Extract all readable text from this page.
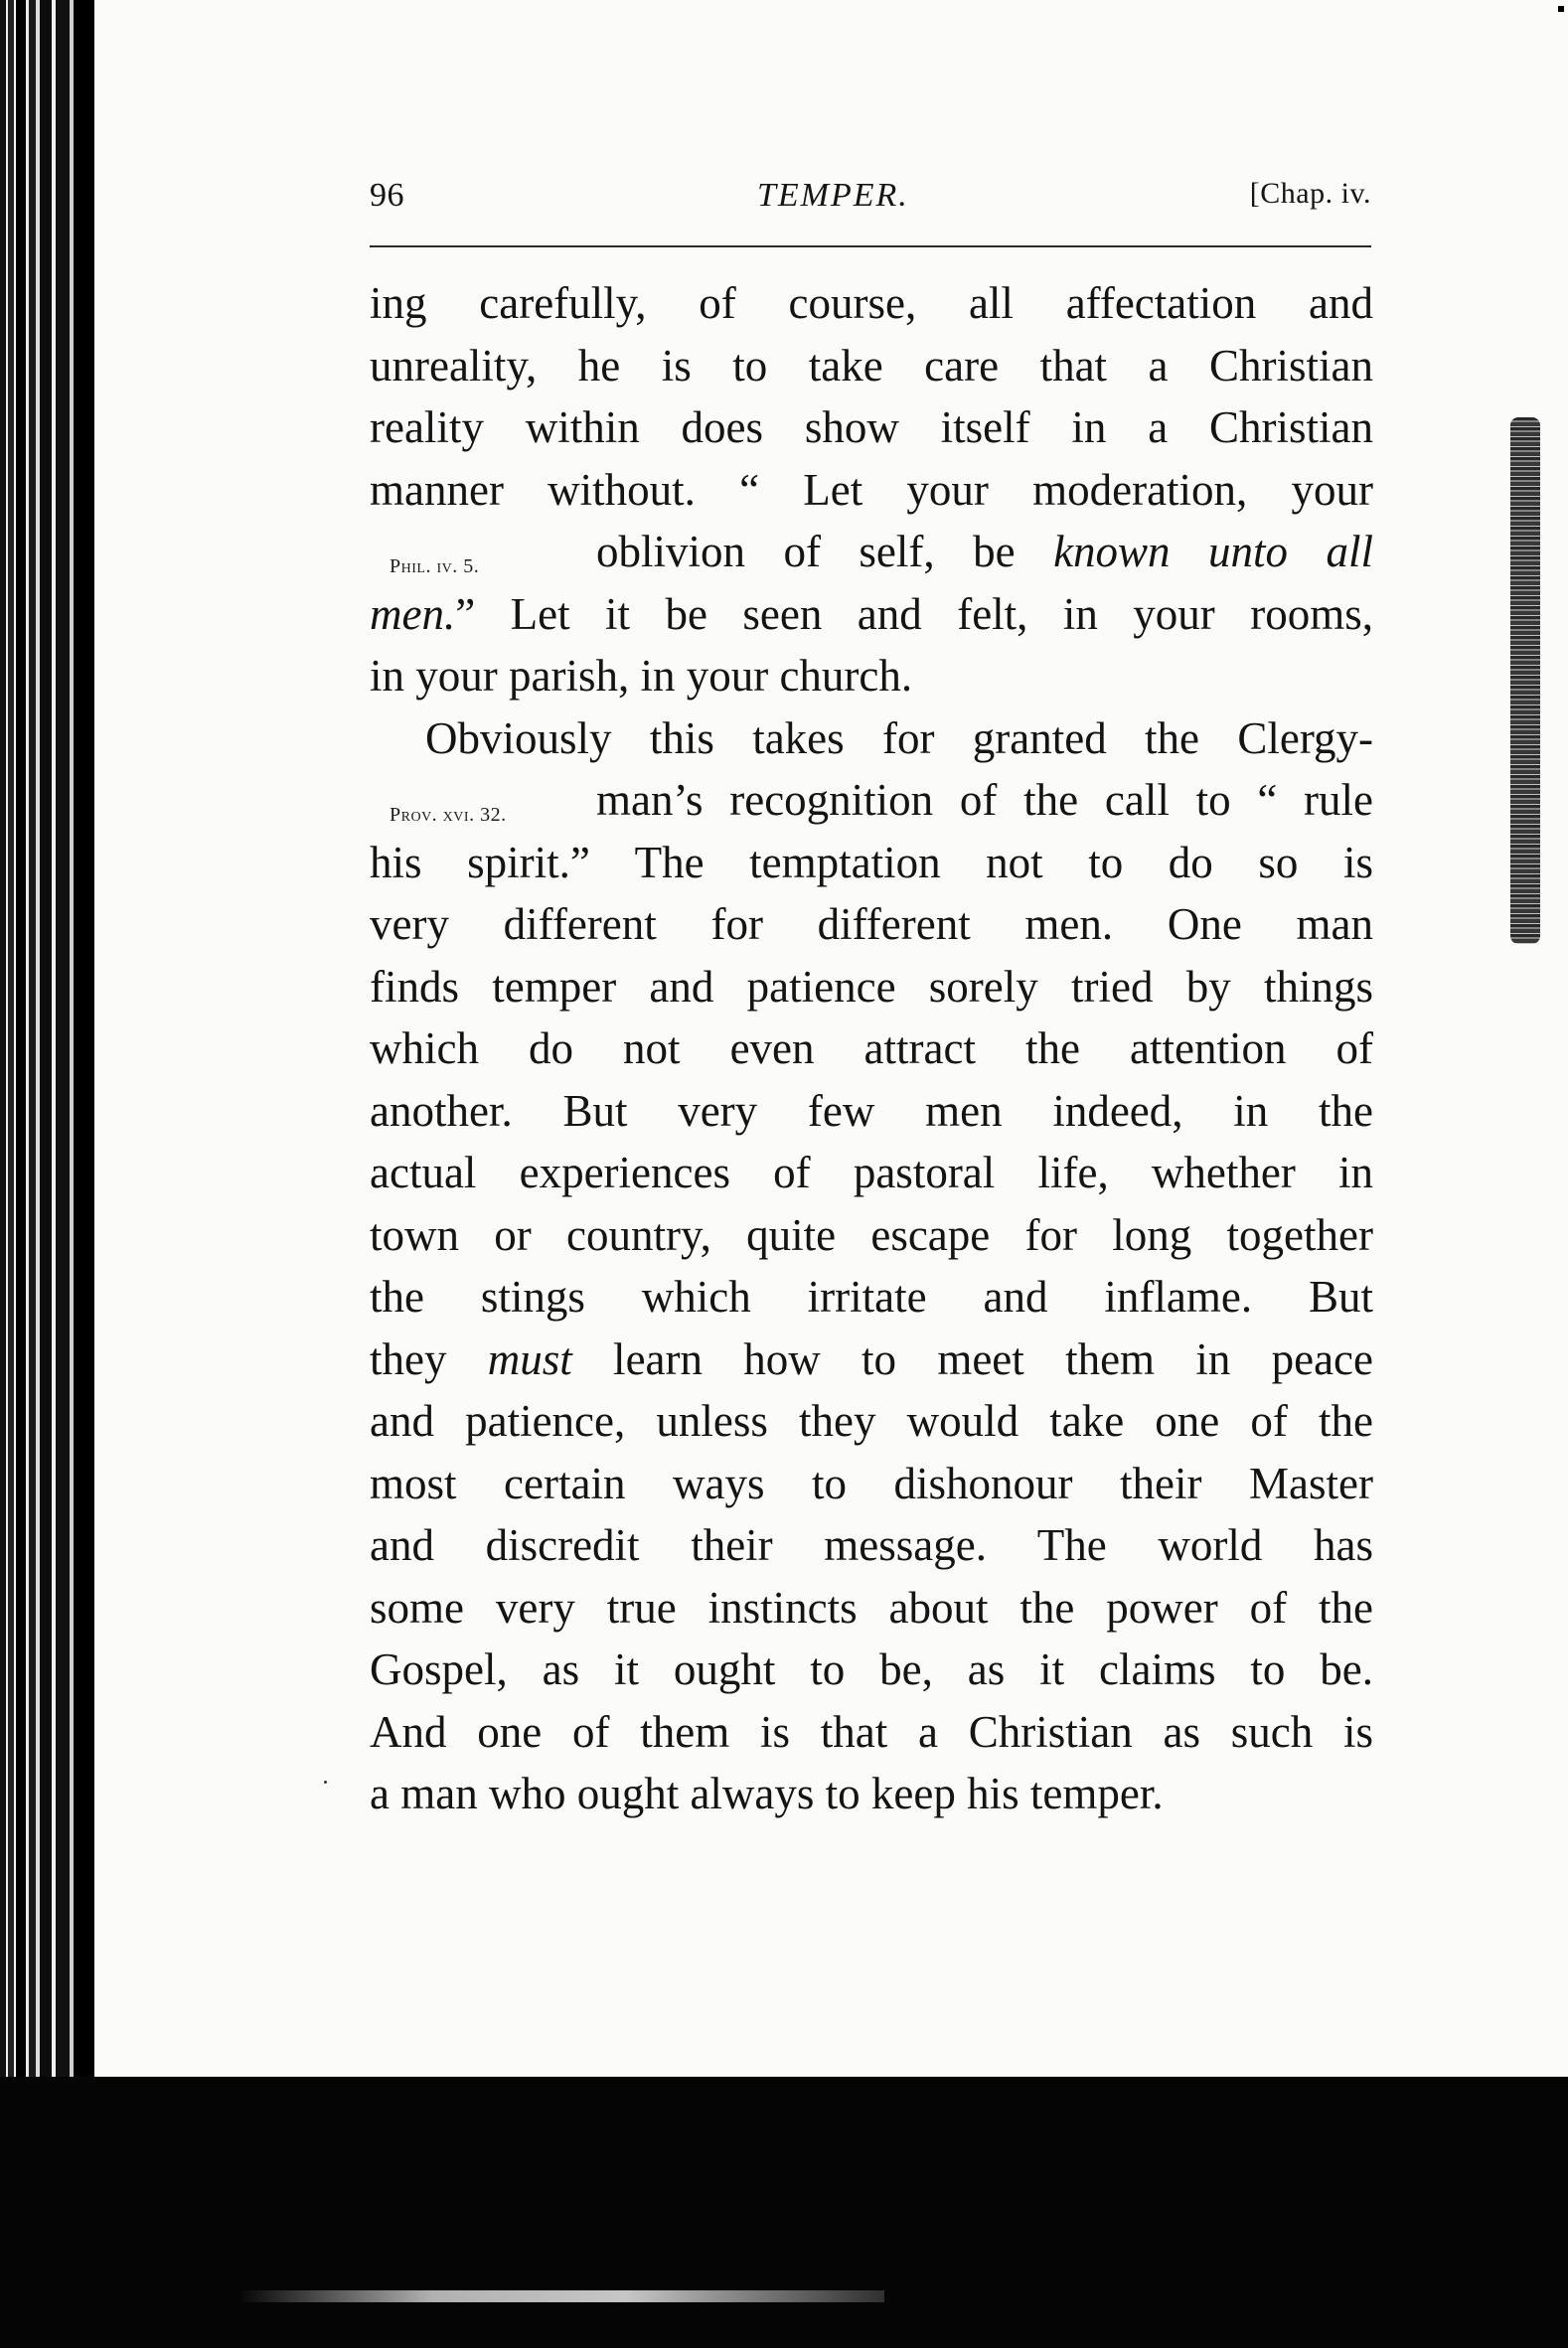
96	TEMPER.	[Chap. iv.
Phil. iv. 5.
Prov. xvi. 32.
ing carefully, of course, all affectation and
unreality, he is to take care that a Christian
reality within does show itself in a Christian
manner without. “ Let your moderation, your
oblivion of self, be known unto all
men.” Let it be seen and felt, in your rooms,
in your parish, in your church.
Obviously this takes for granted the Clergy-
man’s recognition of the call to “ rule
his spirit.” The temptation not to do so is
very different for different men. One man
finds temper and patience sorely tried by things
which do not even attract the attention of
another. But very few men indeed, in the
actual experiences of pastoral life, whether in
town or country, quite escape for long together
the stings which irritate and inflame. But
they must learn how to meet them in peace
and patience, unless they would take one of the
most certain ways to dishonour their Master
and discredit their message. The world has
some very true instincts about the power of the
Gospel, as it ought to be, as it claims to be.
And one of them is that a Christian as such is
a man who ought always to keep his temper.
